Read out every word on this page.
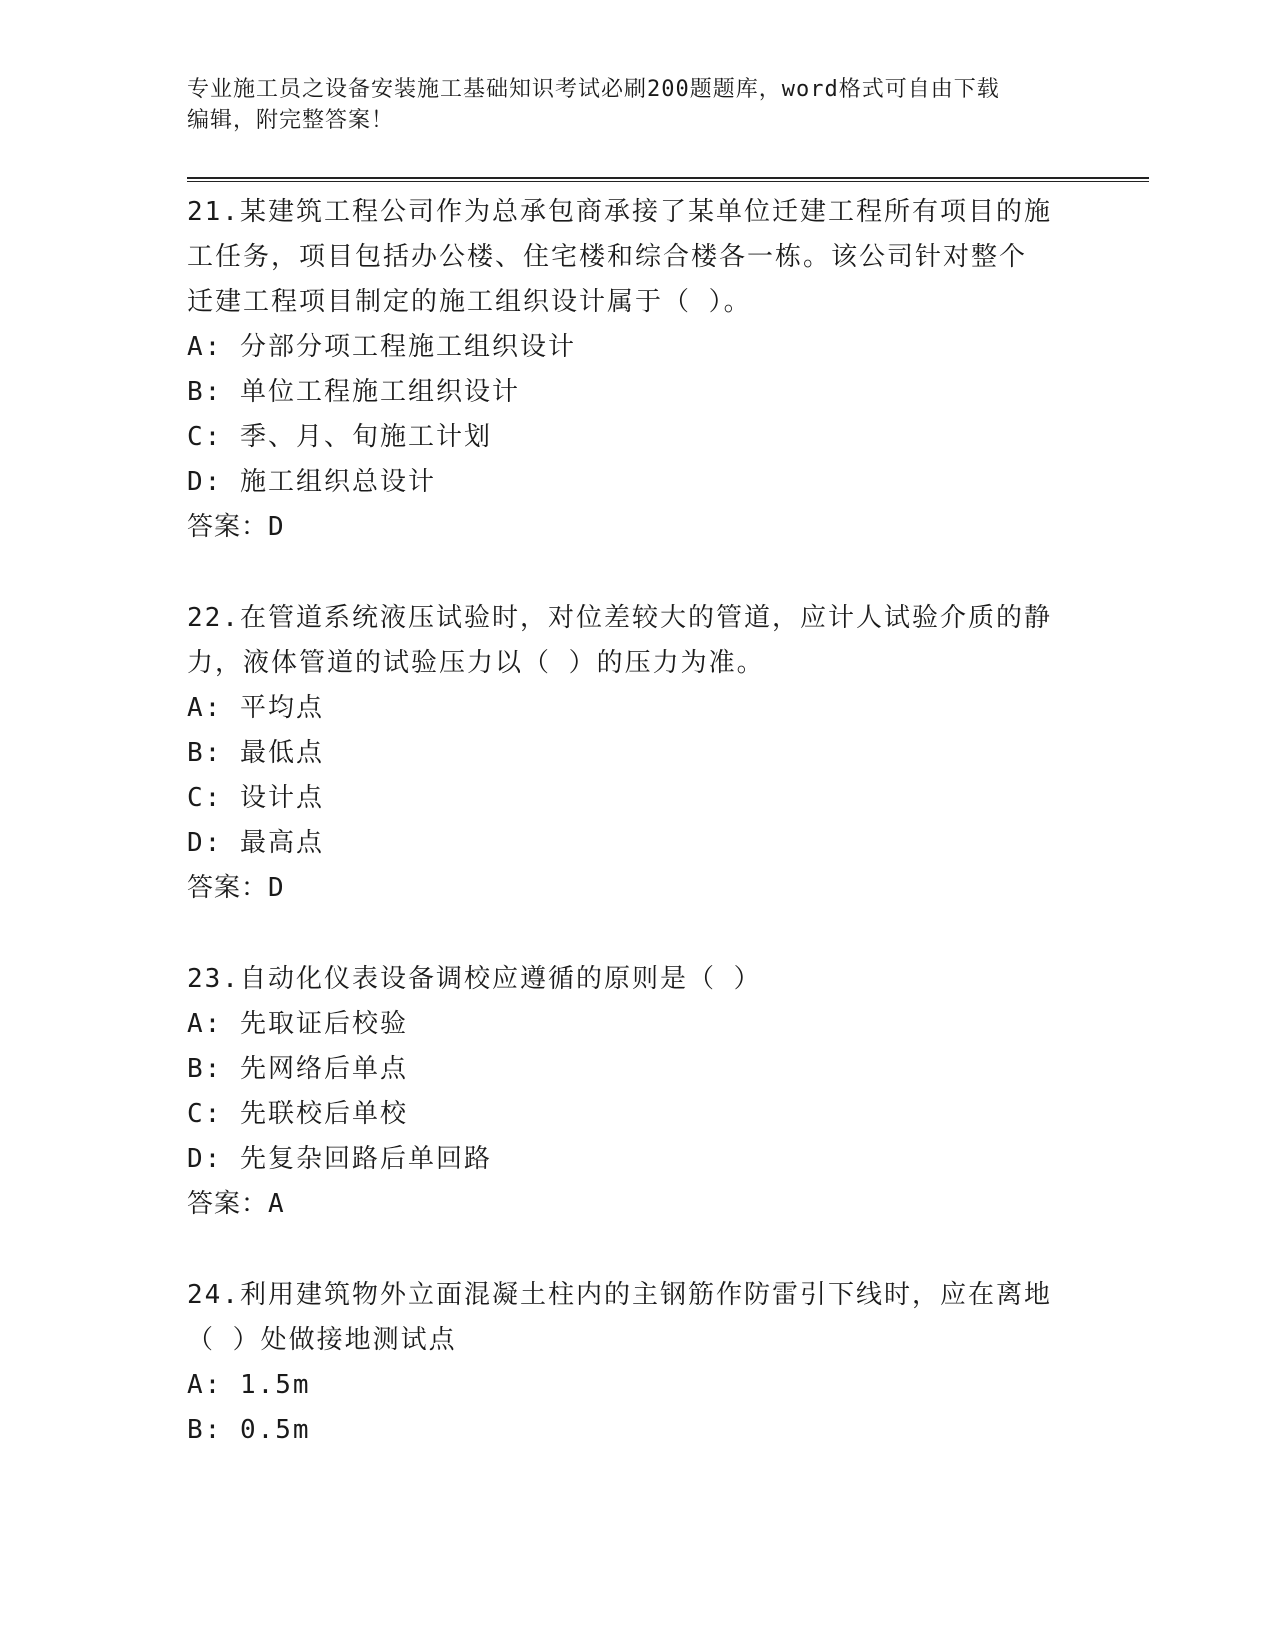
专业施工员之设备安装施工基础知识考试必刷200题题库，word格式可自由下载
编辑，附完整答案！

21.某建筑工程公司作为总承包商承接了某单位迁建工程所有项目的施

工任务，项目包括办公楼、住宅楼和综合楼各一栋。该公司针对整个

迁建工程项目制定的施工组织设计属于（ ）。

A: 分部分项工程施工组织设计

B: 单位工程施工组织设计

C: 季、月、旬施工计划

D: 施工组织总设计

答案：D

22.在管道系统液压试验时，对位差较大的管道，应计人试验介质的静

力，液体管道的试验压力以（ ）的压力为准。

A: 平均点

B: 最低点

C: 设计点

D: 最高点

答案：D

23.自动化仪表设备调校应遵循的原则是（ ）

A: 先取证后校验

B: 先网络后单点

C: 先联校后单校

D: 先复杂回路后单回路

答案：A

24.利用建筑物外立面混凝土柱内的主钢筋作防雷引下线时，应在离地

（ ）处做接地测试点

A: 1.5m

B: 0.5m
